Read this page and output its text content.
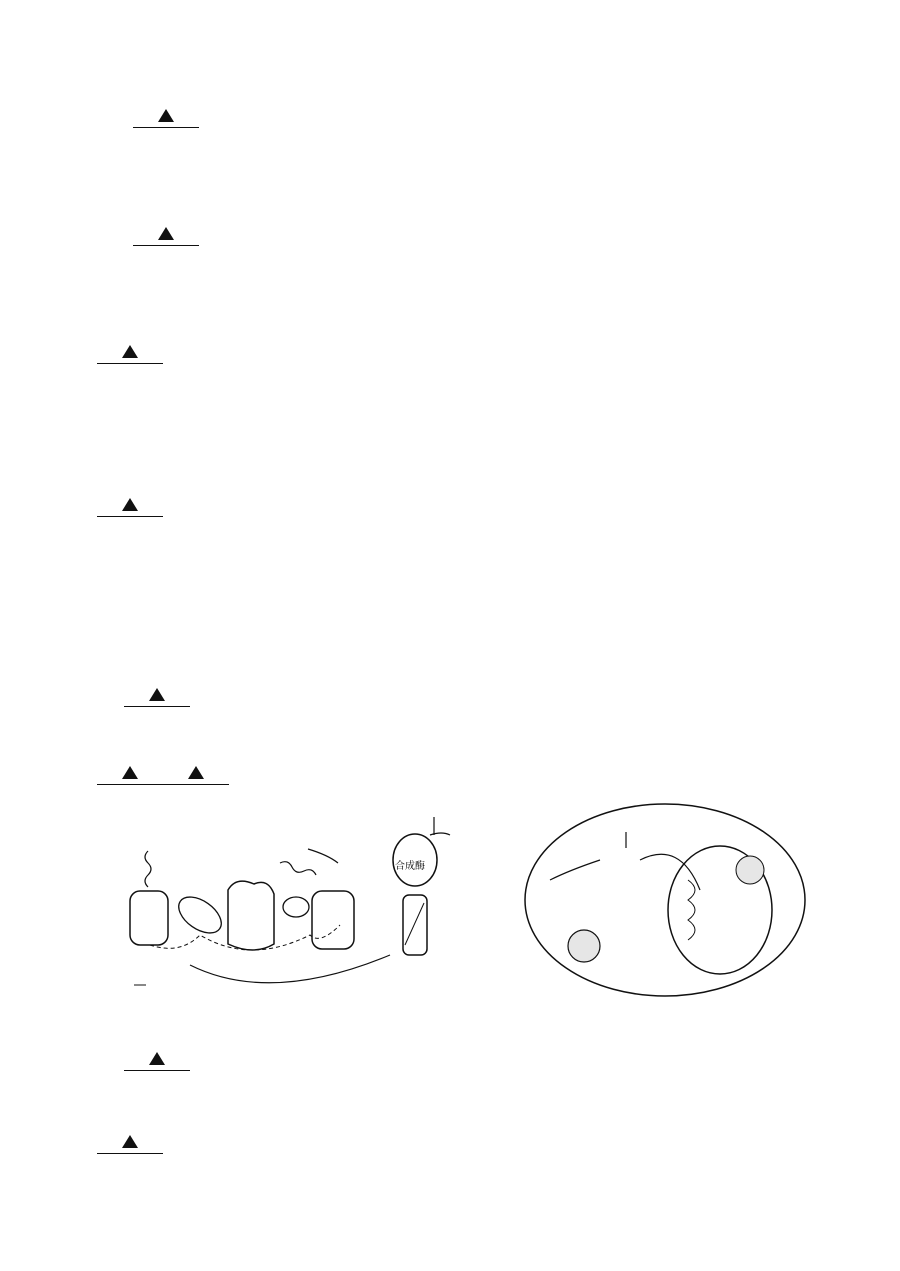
合成酶
